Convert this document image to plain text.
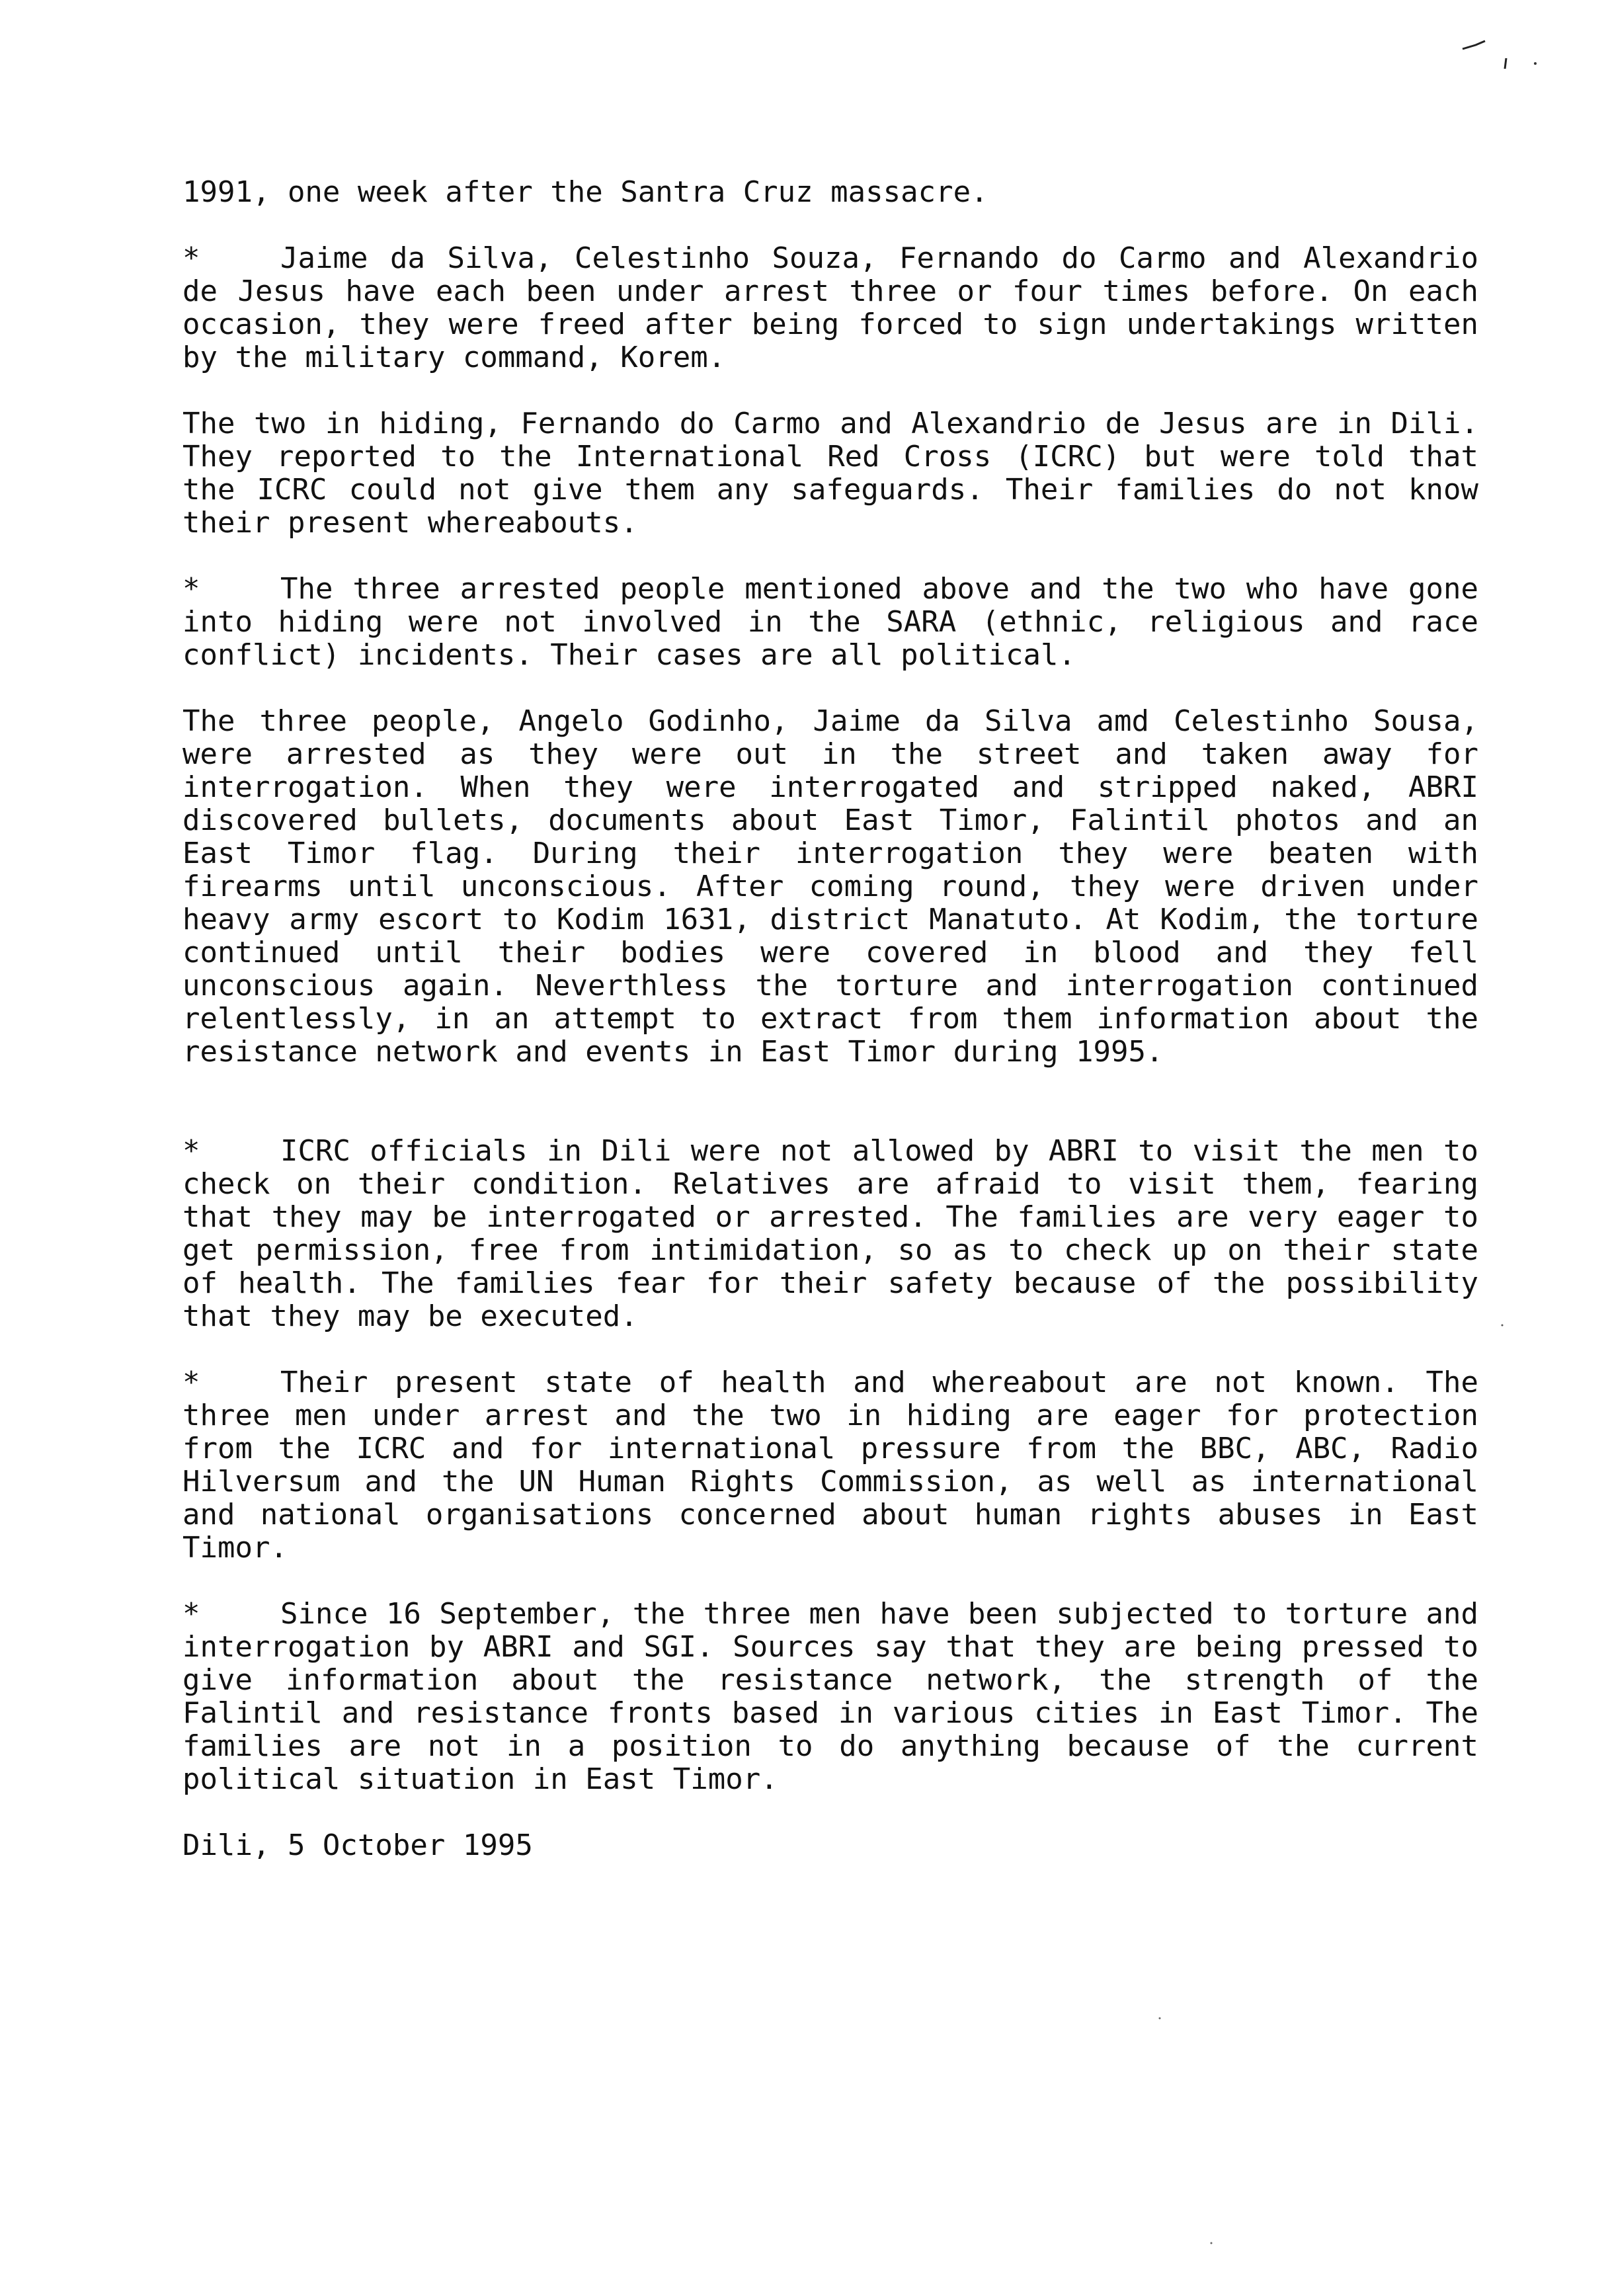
1991, one week after the Santra Cruz massacre.

*	Jaime da Silva, Celestinho Souza, Fernando do Carmo and Alexandrio de Jesus have each been under arrest three or four times before. On each occasion, they were freed after being forced to sign undertakings written by the military command, Korem.

The two in hiding, Fernando do Carmo and Alexandrio de Jesus are in Dili. They reported to the International Red Cross (ICRC) but were told that the ICRC could not give them any safeguards. Their families do not know their present whereabouts.

*	The three arrested people mentioned above and the two who have gone into hiding were not involved in the SARA (ethnic, religious and race conflict) incidents. Their cases are all political.

The three people, Angelo Godinho, Jaime da Silva amd Celestinho Sousa, were arrested as they were out in the street and taken away for interrogation. When they were interrogated and stripped naked, ABRI discovered bullets, documents about East Timor, Falintil photos and an East Timor flag. During their interrogation they were beaten with firearms until unconscious. After coming round, they were driven under heavy army escort to Kodim 1631, district Manatuto. At Kodim, the torture continued until their bodies were covered in blood and they fell unconscious again. Neverthless the torture and interrogation continued relentlessly, in an attempt to extract from them information about the resistance network and events in East Timor during 1995.

*	ICRC officials in Dili were not allowed by ABRI to visit the men to check on their condition. Relatives are afraid to visit them, fearing that they may be interrogated or arrested. The families are very eager to get permission, free from intimidation, so as to check up on their state of health. The families fear for their safety because of the possibility that they may be executed.

*	Their present state of health and whereabout are not known. The three men under arrest and the two in hiding are eager for protection from the ICRC and for international pressure from the BBC, ABC, Radio Hilversum and the UN Human Rights Commission, as well as international and national organisations concerned about human rights abuses in East Timor.

*	Since 16 September, the three men have been subjected to torture and interrogation by ABRI and SGI. Sources say that they are being pressed to give information about the resistance network, the strength of the Falintil and resistance fronts based in various cities in East Timor. The families are not in a position to do anything because of the current political situation in East Timor.

Dili, 5 October 1995
